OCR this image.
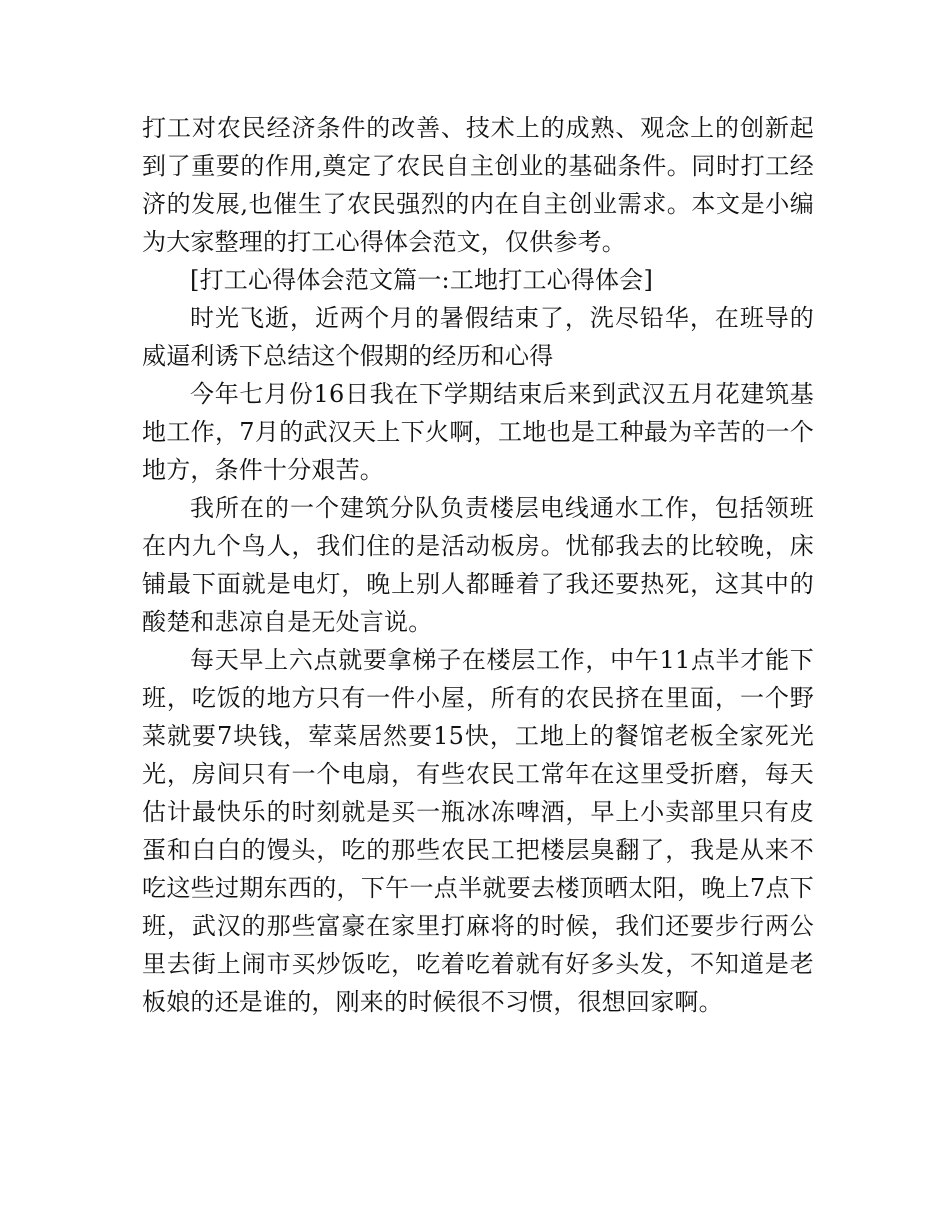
打工对农民经济条件的改善、技术上的成熟、观念上的创新起到了重要的作用,奠定了农民自主创业的基础条件。同时打工经济的发展,也催生了农民强烈的内在自主创业需求。本文是小编为大家整理的打工心得体会范文，仅供参考。

[打工心得体会范文篇一:工地打工心得体会]

时光飞逝，近两个月的暑假结束了，洗尽铅华，在班导的威逼利诱下总结这个假期的经历和心得

今年七月份16日我在下学期结束后来到武汉五月花建筑基地工作，7月的武汉天上下火啊，工地也是工种最为辛苦的一个地方，条件十分艰苦。

我所在的一个建筑分队负责楼层电线通水工作，包括领班在内九个鸟人，我们住的是活动板房。忧郁我去的比较晚，床铺最下面就是电灯，晚上别人都睡着了我还要热死，这其中的酸楚和悲凉自是无处言说。

每天早上六点就要拿梯子在楼层工作，中午11点半才能下班，吃饭的地方只有一件小屋，所有的农民挤在里面，一个野菜就要7块钱，荤菜居然要15快，工地上的餐馆老板全家死光光，房间只有一个电扇，有些农民工常年在这里受折磨，每天估计最快乐的时刻就是买一瓶冰冻啤酒，早上小卖部里只有皮蛋和白白的馒头，吃的那些农民工把楼层臭翻了，我是从来不吃这些过期东西的，下午一点半就要去楼顶晒太阳，晚上7点下班，武汉的那些富豪在家里打麻将的时候，我们还要步行两公里去街上闹市买炒饭吃，吃着吃着就有好多头发，不知道是老板娘的还是谁的，刚来的时候很不习惯，很想回家啊。
